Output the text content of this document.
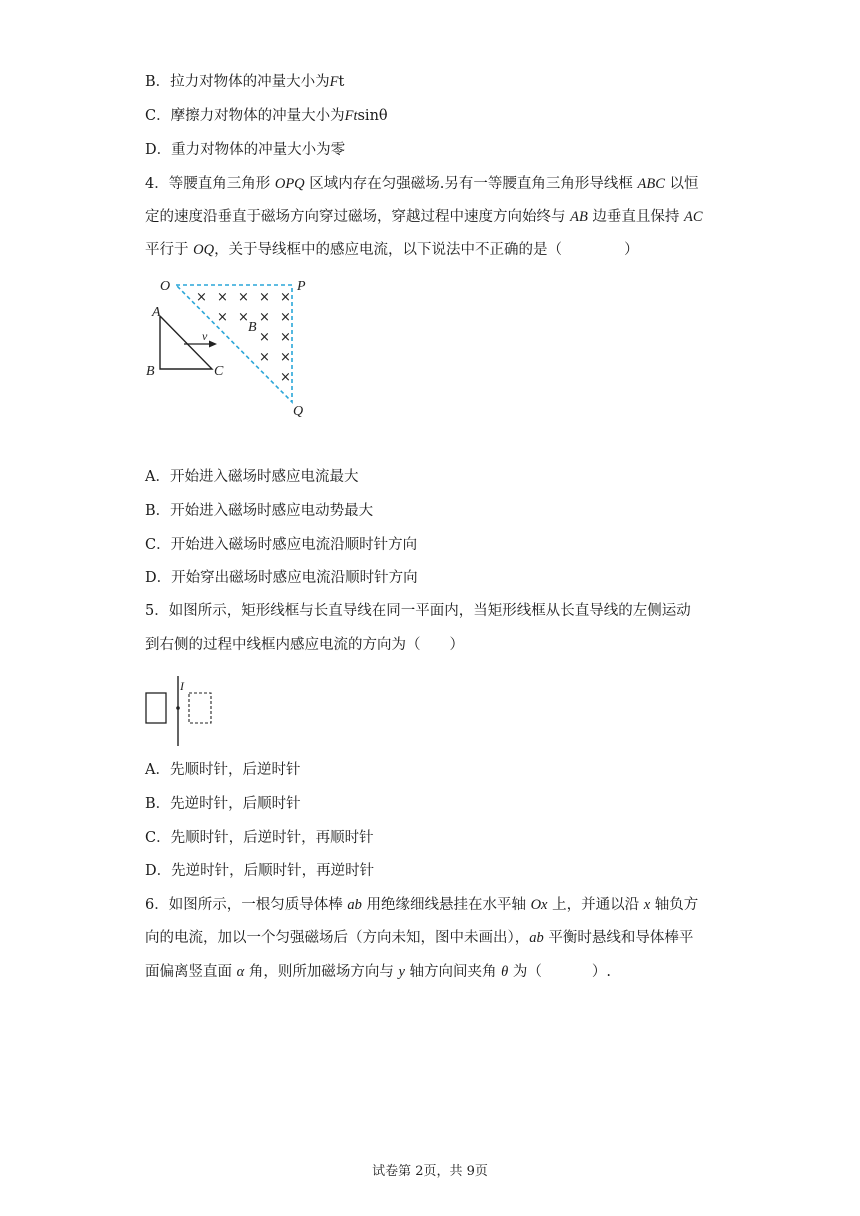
B．拉力对物体的冲量大小为Ft
C．摩擦力对物体的冲量大小为Ftsinθ
D．重力对物体的冲量大小为零
4．等腰直角三角形 OPQ 区域内存在匀强磁场.另有一等腰直角三角形导线框 ABC 以恒
定的速度沿垂直于磁场方向穿过磁场，穿越过程中速度方向始终与 AB 边垂直且保持 AC
平行于 OQ，关于导线框中的感应电流，以下说法中不正确的是（	）
× × × × ×
× × × ×
× ×
× ×
×
O	P
Q
A
B	C
B
v
A．开始进入磁场时感应电流最大
B．开始进入磁场时感应电动势最大
C．开始进入磁场时感应电流沿顺时针方向
D．开始穿出磁场时感应电流沿顺时针方向
5．如图所示，矩形线框与长直导线在同一平面内，当矩形线框从长直导线的左侧运动
到右侧的过程中线框内感应电流的方向为（　　）
I
A．先顺时针，后逆时针
B．先逆时针，后顺时针
C．先顺时针，后逆时针，再顺时针
D．先逆时针，后顺时针，再逆时针
6．如图所示，一根匀质导体棒 ab 用绝缘细线悬挂在水平轴 Ox 上，并通以沿 x 轴负方
向的电流，加以一个匀强磁场后（方向未知，图中未画出），ab 平衡时悬线和导体棒平
面偏离竖直面 α 角，则所加磁场方向与 y 轴方向间夹角 θ 为（	）.
试卷第 2页，共 9页
